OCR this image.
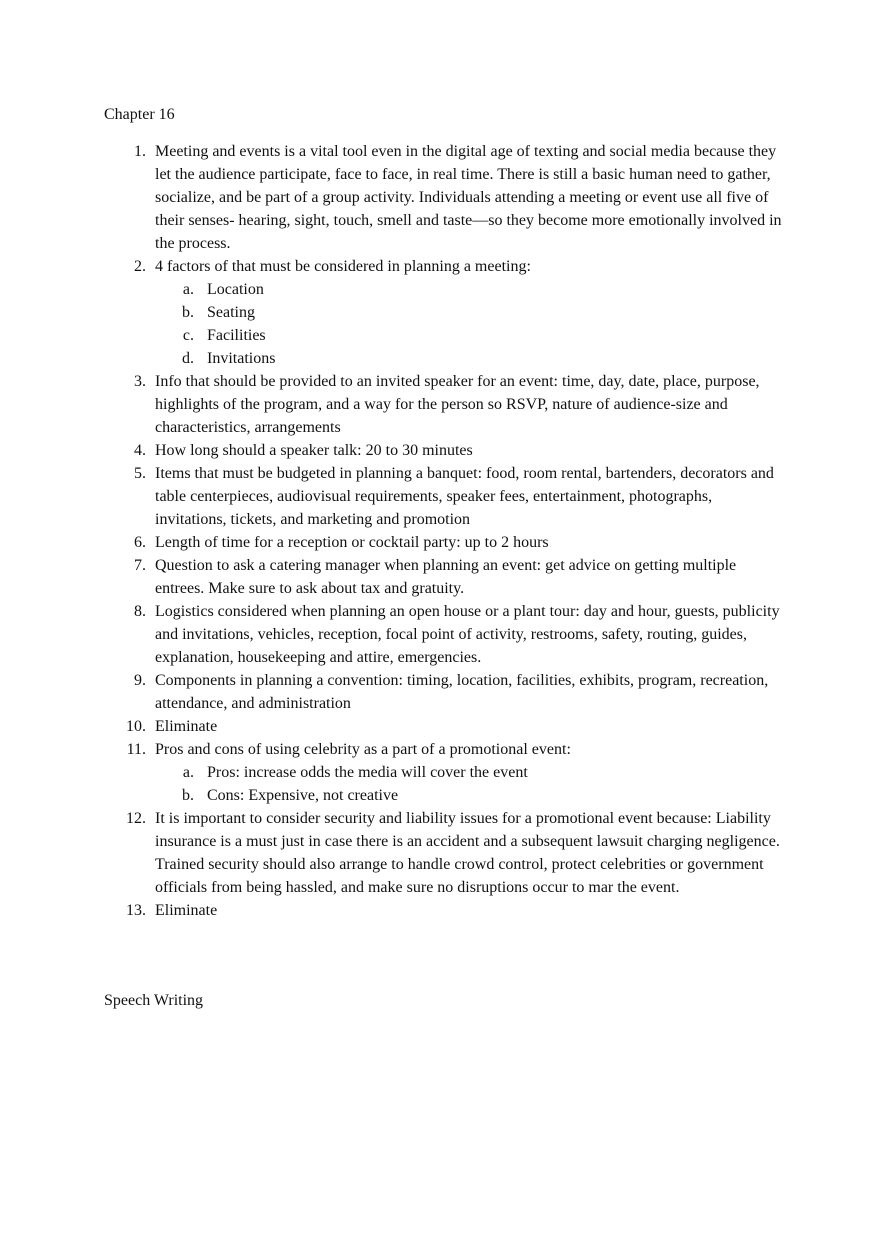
Chapter 16
1. Meeting and events is a vital tool even in the digital age of texting and social media because they let the audience participate, face to face, in real time. There is still a basic human need to gather, socialize, and be part of a group activity. Individuals attending a meeting or event use all five of their senses- hearing, sight, touch, smell and taste—so they become more emotionally involved in the process.
2. 4 factors of that must be considered in planning a meeting:
a. Location
b. Seating
c. Facilities
d. Invitations
3. Info that should be provided to an invited speaker for an event: time, day, date, place, purpose, highlights of the program, and a way for the person so RSVP, nature of audience-size and characteristics, arrangements
4. How long should a speaker talk: 20 to 30 minutes
5. Items that must be budgeted in planning a banquet: food, room rental, bartenders, decorators and table centerpieces, audiovisual requirements, speaker fees, entertainment, photographs, invitations, tickets, and marketing and promotion
6. Length of time for a reception or cocktail party: up to 2 hours
7. Question to ask a catering manager when planning an event: get advice on getting multiple entrees. Make sure to ask about tax and gratuity.
8. Logistics considered when planning an open house or a plant tour: day and hour, guests, publicity and invitations, vehicles, reception, focal point of activity, restrooms, safety, routing, guides, explanation, housekeeping and attire, emergencies.
9. Components in planning a convention: timing, location, facilities, exhibits, program, recreation, attendance, and administration
10. Eliminate
11. Pros and cons of using celebrity as a part of a promotional event:
a. Pros: increase odds the media will cover the event
b. Cons: Expensive, not creative
12. It is important to consider security and liability issues for a promotional event because: Liability insurance is a must just in case there is an accident and a subsequent lawsuit charging negligence. Trained security should also arrange to handle crowd control, protect celebrities or government officials from being hassled, and make sure no disruptions occur to mar the event.
13. Eliminate
Speech Writing
